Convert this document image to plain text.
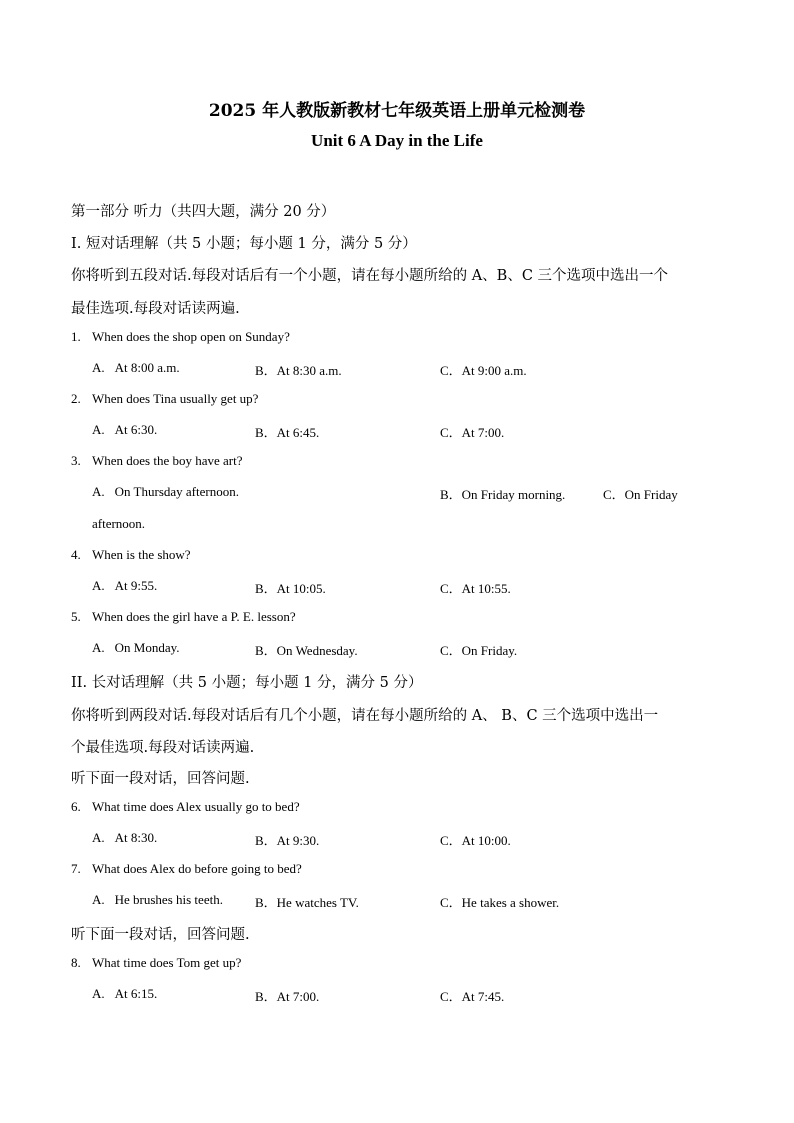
2025 年人教版新教材七年级英语上册单元检测卷
Unit 6 A Day in the Life
第一部分 听力（共四大题，满分 20 分）
I. 短对话理解（共 5 小题；每小题 1 分，满分 5 分）
你将听到五段对话.每段对话后有一个小题，请在每小题所给的 A、B、C 三个选项中选出一个
最佳选项.每段对话读两遍.
1. When does the shop open on Sunday?
A. At 8:00 a.m.	B．At 8:30 a.m.	C．At 9:00 a.m.
2. When does Tina usually get up?
A. At 6:30.	B．At 6:45.	C．At 7:00.
3. When does the boy have art?
A. On Thursday afternoon.	B．On Friday morning.	C．On Friday
afternoon.
4. When is the show?
A. At 9:55.	B．At 10:05.	C．At 10:55.
5. When does the girl have a P. E. lesson?
A. On Monday.	B．On Wednesday.	C．On Friday.
II. 长对话理解（共 5 小题；每小题 1 分，满分 5 分）
你将听到两段对话.每段对话后有几个小题，请在每小题所给的 A、 B、C 三个选项中选出一
个最佳选项.每段对话读两遍.
听下面一段对话，回答问题.
6. What time does Alex usually go to bed?
A. At 8:30.	B．At 9:30.	C．At 10:00.
7. What does Alex do before going to bed?
A. He brushes his teeth. B．He watches TV.	C．He takes a shower.
听下面一段对话，回答问题.
8. What time does Tom get up?
A. At 6:15.	B．At 7:00.	C．At 7:45.
